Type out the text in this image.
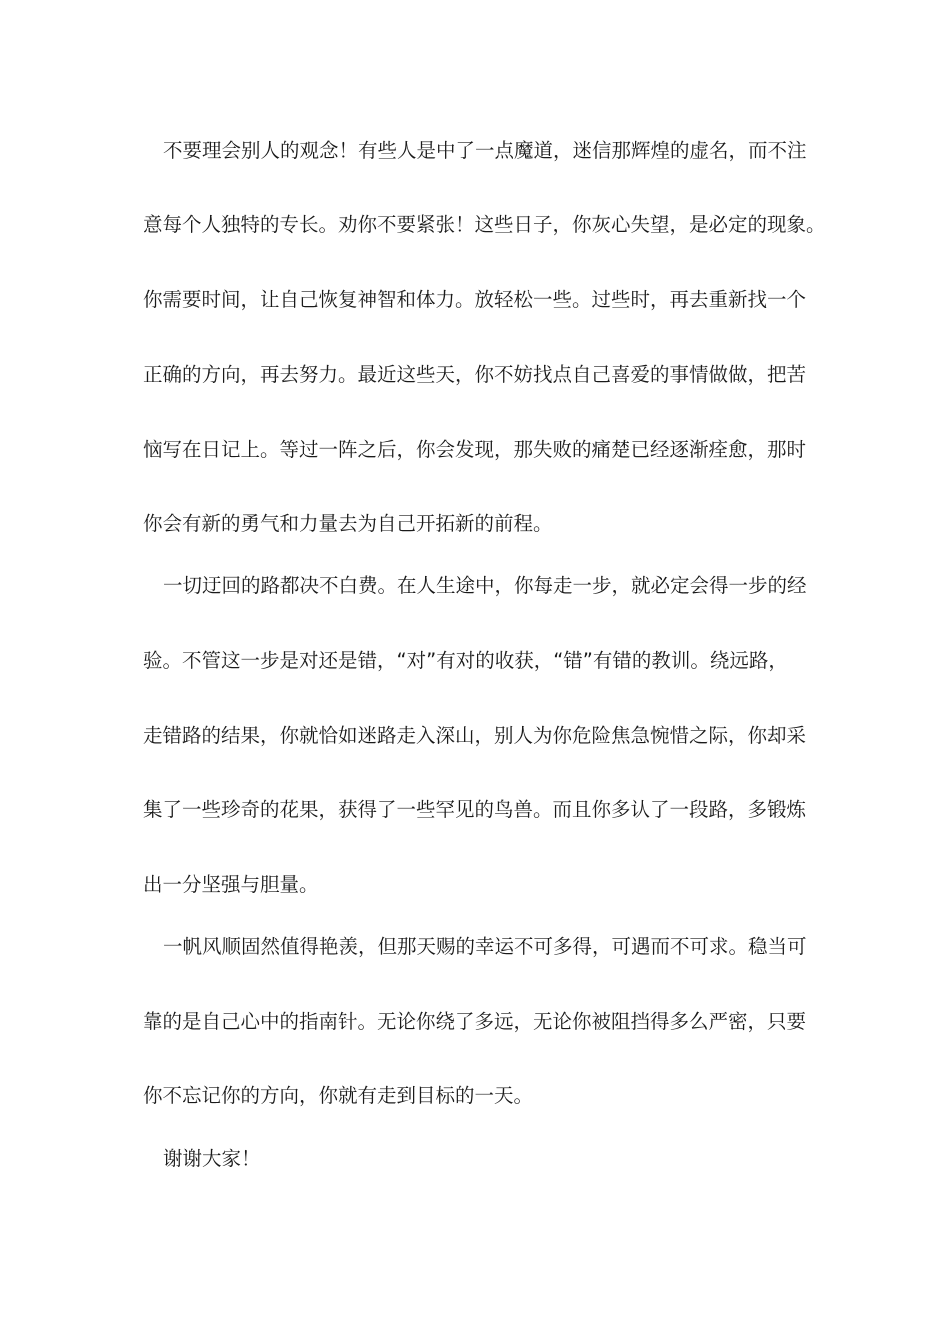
不要理会别人的观念！有些人是中了一点魔道，迷信那辉煌的虚名，而不注
意每个人独特的专长。劝你不要紧张！这些日子，你灰心失望，是必定的现象。
你需要时间，让自己恢复神智和体力。放轻松一些。过些时，再去重新找一个
正确的方向，再去努力。最近这些天，你不妨找点自己喜爱的事情做做，把苦
恼写在日记上。等过一阵之后，你会发现，那失败的痛楚已经逐渐痊愈，那时
你会有新的勇气和力量去为自己开拓新的前程。
一切迂回的路都决不白费。在人生途中，你每走一步，就必定会得一步的经
验。不管这一步是对还是错，“对”有对的收获，“错”有错的教训。绕远路，
走错路的结果，你就恰如迷路走入深山，别人为你危险焦急惋惜之际，你却采
集了一些珍奇的花果，获得了一些罕见的鸟兽。而且你多认了一段路，多锻炼
出一分坚强与胆量。
一帆风顺固然值得艳羡，但那天赐的幸运不可多得，可遇而不可求。稳当可
靠的是自己心中的指南针。无论你绕了多远，无论你被阻挡得多么严密，只要
你不忘记你的方向，你就有走到目标的一天。
谢谢大家！
